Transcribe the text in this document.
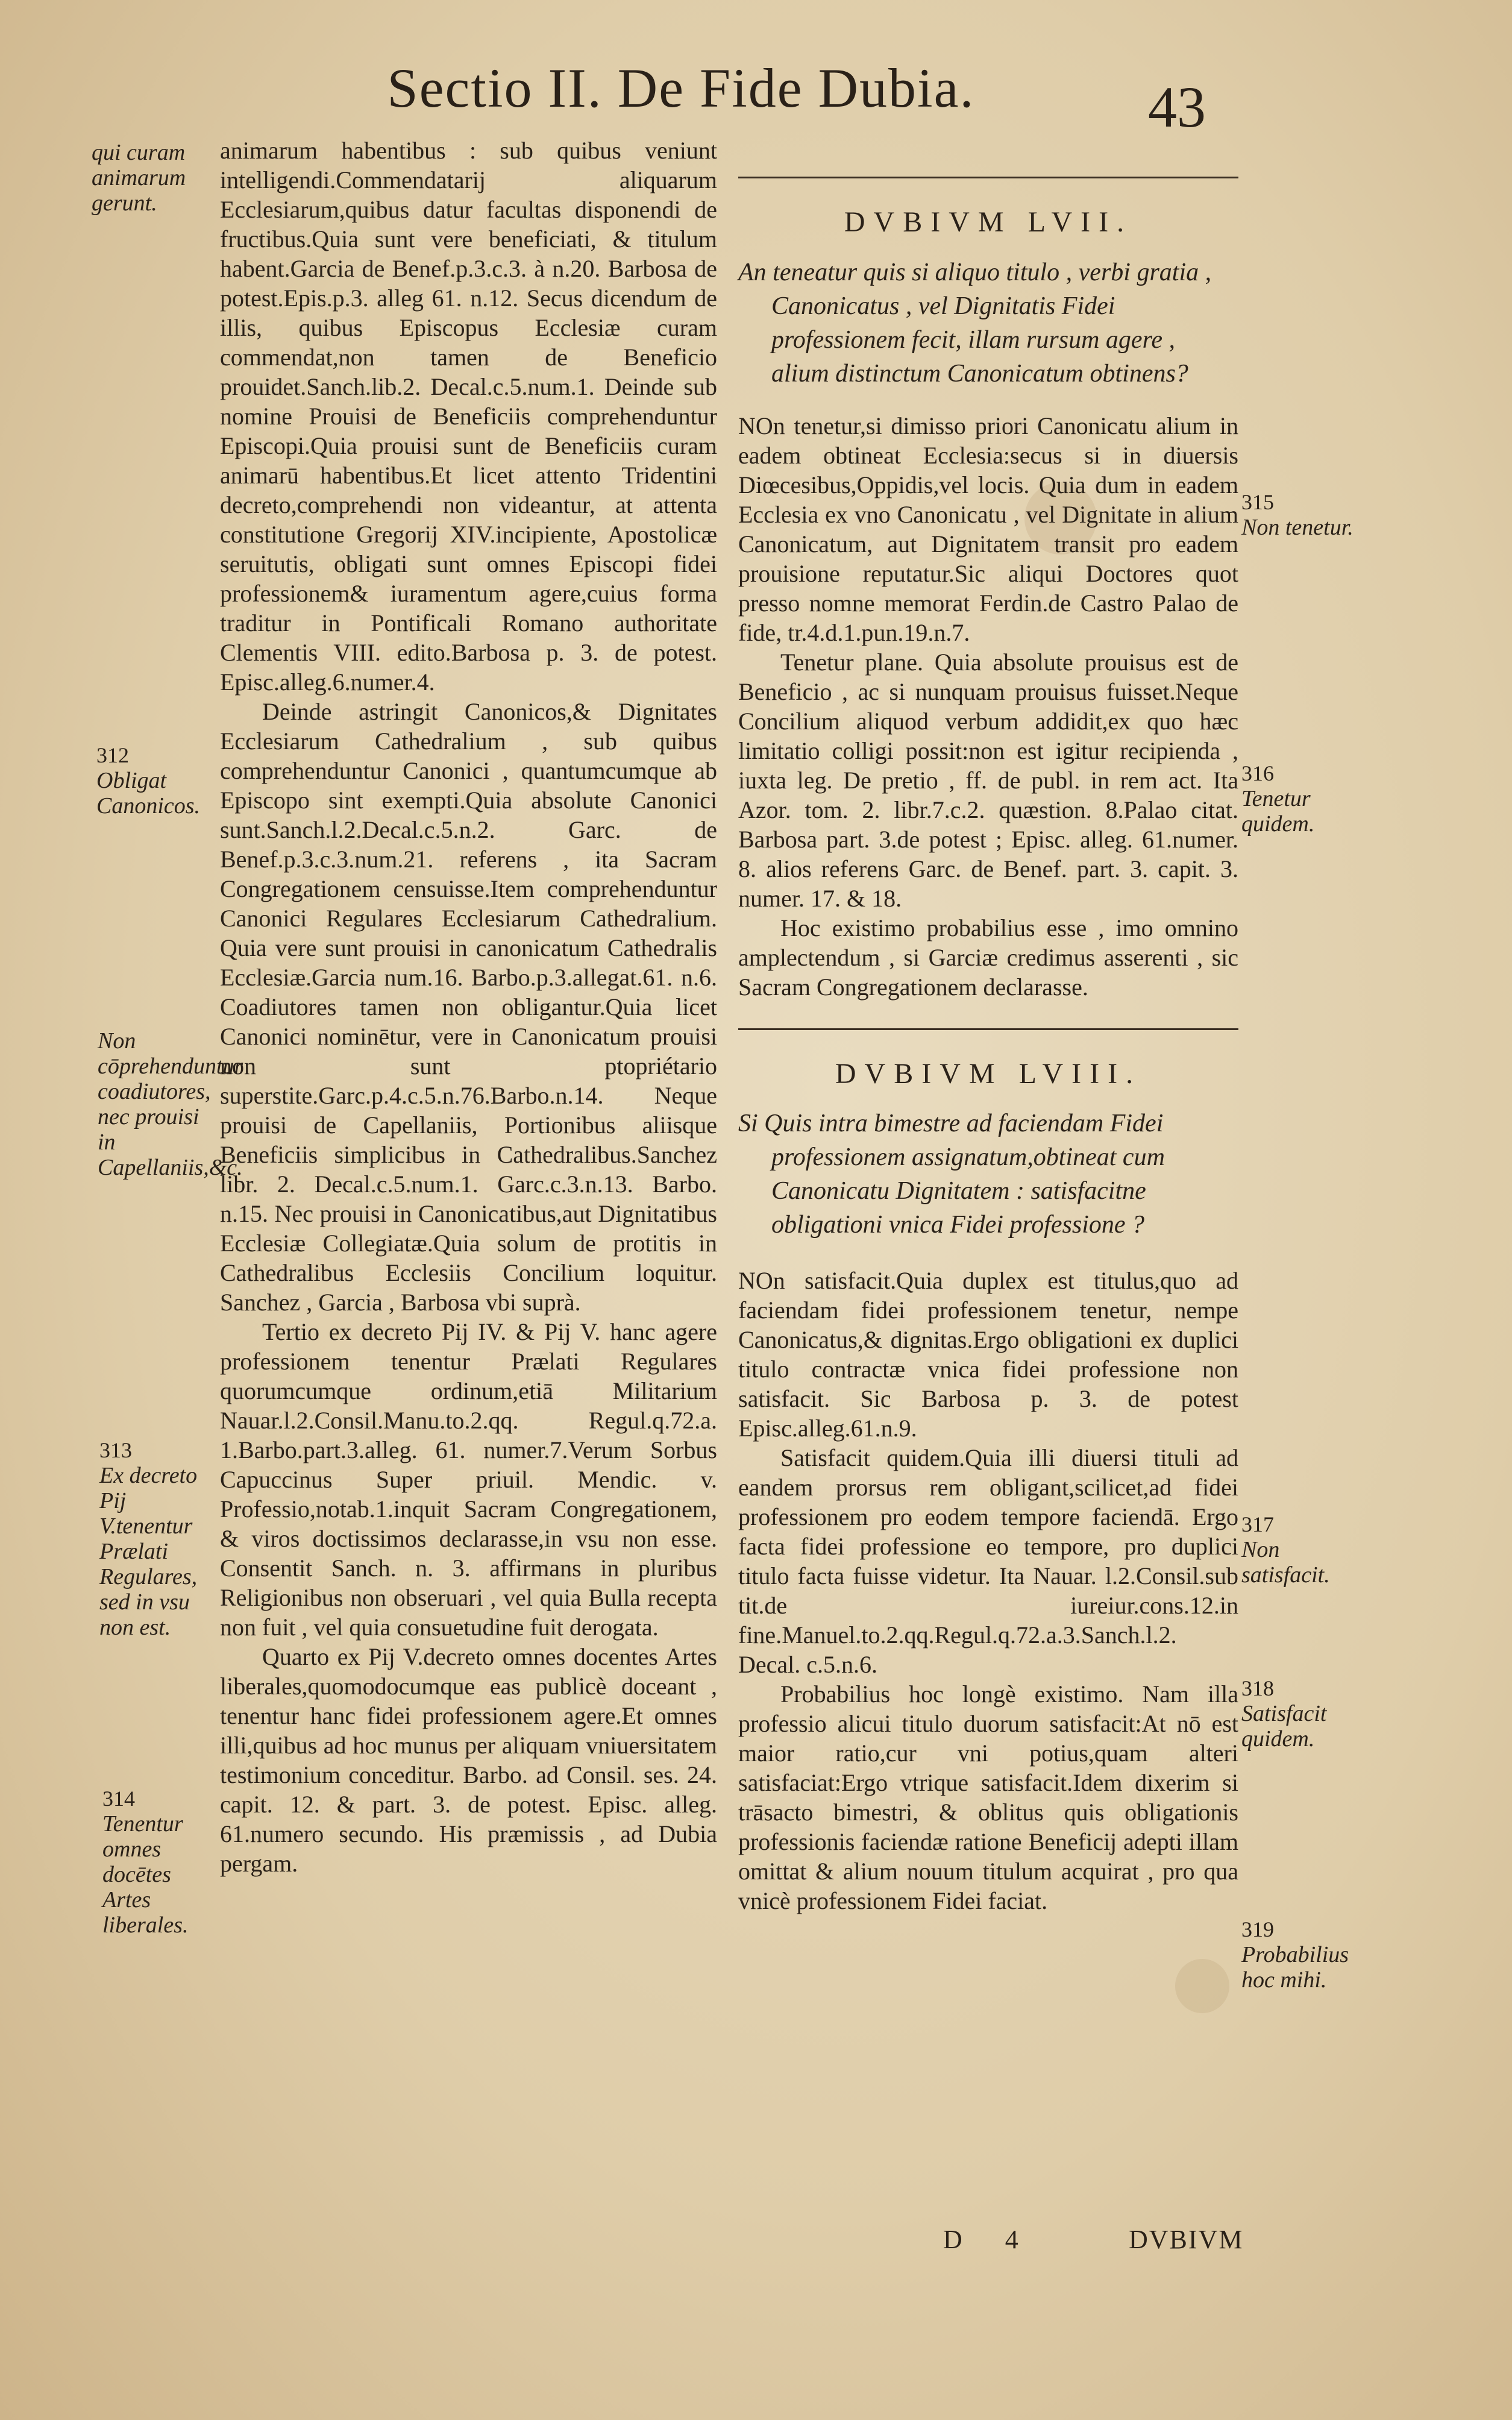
Sectio II. De Fide Dubia.	43
qui curam animarum gerunt.
312
Obligat Canonicos.
Non cōprehenduntur coadiutores, nec prouisi in Capellaniis,&c.
313
Ex decreto Pij V.tenentur Prælati Regulares, sed in vsu non est.
314
Tenentur omnes docētes Artes liberales.

animarum habentibus : sub quibus veniunt intelligendi.Commendatarij aliquarum Ecclesiarum,quibus datur facultas disponendi de fructibus.Quia sunt vere beneficiati, & titulum habent.Garcia de Benef.p.3.c.3. à n.20. Barbosa de potest.Epis.p.3. alleg 61. n.12. Secus dicendum de illis, quibus Episcopus Ecclesiæ curam commendat,non tamen de Beneficio prouidet.Sanch.lib.2. Decal.c.5.num.1. Deinde sub nomine Prouisi de Beneficiis comprehenduntur Episcopi.Quia prouisi sunt de Beneficiis curam animarū habentibus.Et licet attento Tridentini decreto,comprehendi non videantur, at attenta constitutione Gregorij XIV.incipiente, Apostolicæ seruitutis, obligati sunt omnes Episcopi fidei professionem& iuramentum agere,cuius forma traditur in Pontificali Romano authoritate Clementis VIII. edito.Barbosa p. 3. de potest. Episc.alleg.6.numer.4.

Deinde astringit Canonicos,& Dignitates Ecclesiarum Cathedralium , sub quibus comprehenduntur Canonici , quantumcumque ab Episcopo sint exempti.Quia absolute Canonici sunt.Sanch.l.2.Decal.c.5.n.2. Garc. de Benef.p.3.c.3.num.21. referens , ita Sacram Congregationem censuisse.Item comprehenduntur Canonici Regulares Ecclesiarum Cathedralium. Quia vere sunt prouisi in canonicatum Cathedralis Ecclesiæ.Garcia num.16. Barbo.p.3.allegat.61. n.6. Coadiutores tamen non obligantur.Quia licet Canonici nominētur, vere in Canonicatum prouisi non sunt ptopriétario superstite.Garc.p.4.c.5.n.76.Barbo.n.14. Neque prouisi de Capellaniis, Portionibus aliisque Beneficiis simplicibus in Cathedralibus.Sanchez libr. 2. Decal.c.5.num.1. Garc.c.3.n.13. Barbo. n.15. Nec prouisi in Canonicatibus,aut Dignitatibus Ecclesiæ Collegiatæ.Quia solum de protitis in Cathedralibus Ecclesiis Concilium loquitur. Sanchez , Garcia , Barbosa vbi suprà.

Tertio ex decreto Pij IV. & Pij V. hanc agere professionem tenentur Prælati Regulares quorumcumque ordinum,etiā Militarium Nauar.l.2.Consil.Manu.to.2.qq. Regul.q.72.a. 1.Barbo.part.3.alleg. 61. numer.7.Verum Sorbus Capuccinus Super priuil. Mendic. v. Professio,notab.1.inquit Sacram Congregationem, & viros doctissimos declarasse,in vsu non esse. Consentit Sanch. n. 3. affirmans in pluribus Religionibus non obseruari , vel quia Bulla recepta non fuit , vel quia consuetudine fuit derogata.

Quarto ex Pij V.decreto omnes docentes Artes liberales,quomodocumque eas publicè doceant , tenentur hanc fidei professionem agere.Et omnes illi,quibus ad hoc munus per aliquam vniuersitatem testimonium conceditur. Barbo. ad Consil. ses. 24. capit. 12. & part. 3. de potest. Episc. alleg. 61.numero secundo. His præmissis , ad Dubia pergam.

315
Non tenetur.
316
Tenetur quidem.
317
Non satisfacit.
318
Satisfacit quidem.
319
Probabilius hoc mihi.
DVBIVM LVII.

An teneatur quis si aliquo titulo , verbi gratia , Canonicatus , vel Dignitatis Fidei professionem fecit, illam rursum agere , alium distinctum Canonicatum obtinens?

NOn tenetur,si dimisso priori Canonicatu alium in eadem obtineat Ecclesia:secus si in diuersis Diœcesibus,Oppidis,vel locis. Quia dum in eadem Ecclesia ex vno Canonicatu , vel Dignitate in alium Canonicatum, aut Dignitatem transit pro eadem prouisione reputatur.Sic aliqui Doctores quot presso nomne memorat Ferdin.de Castro Palao de fide, tr.4.d.1.pun.19.n.7.

Tenetur plane. Quia absolute prouisus est de Beneficio , ac si nunquam prouisus fuisset.Neque Concilium aliquod verbum addidit,ex quo hæc limitatio colligi possit:non est igitur recipienda , iuxta leg. De pretio , ff. de publ. in rem act. Ita Azor. tom. 2. libr.7.c.2. quæstion. 8.Palao citat. Barbosa part. 3.de potest ; Episc. alleg. 61.numer. 8. alios referens Garc. de Benef. part. 3. capit. 3. numer. 17. & 18.

Hoc existimo probabilius esse , imo omnino amplectendum , si Garciæ credimus asserenti , sic Sacram Congregationem declarasse.

DVBIVM LVIII.

Si Quis intra bimestre ad faciendam Fidei professionem assignatum,obtineat cum Canonicatu Dignitatem : satisfacitne obligationi vnica Fidei professione ?

NOn satisfacit.Quia duplex est titulus,quo ad faciendam fidei professionem tenetur, nempe Canonicatus,& dignitas.Ergo obligationi ex duplici titulo contractæ vnica fidei professione non satisfacit. Sic Barbosa p. 3. de potest Episc.alleg.61.n.9.

Satisfacit quidem.Quia illi diuersi tituli ad eandem prorsus rem obligant,scilicet,ad fidei professionem pro eodem tempore faciendā. Ergo facta fidei professione eo tempore, pro duplici titulo facta fuisse videtur. Ita Nauar. l.2.Consil.sub tit.de iureiur.cons.12.in fine.Manuel.to.2.qq.Regul.q.72.a.3.Sanch.l.2. Decal. c.5.n.6.

Probabilius hoc longè existimo. Nam illa professio alicui titulo duorum satisfacit:At nō est maior ratio,cur vni potius,quam alteri satisfaciat:Ergo vtrique satisfacit.Idem dixerim si trāsacto bimestri, & oblitus quis obligationis professionis faciendæ ratione Beneficij adepti illam omittat & alium nouum titulum acquirat , pro qua vnicè professionem Fidei faciat.

D 4	DVBIVM
